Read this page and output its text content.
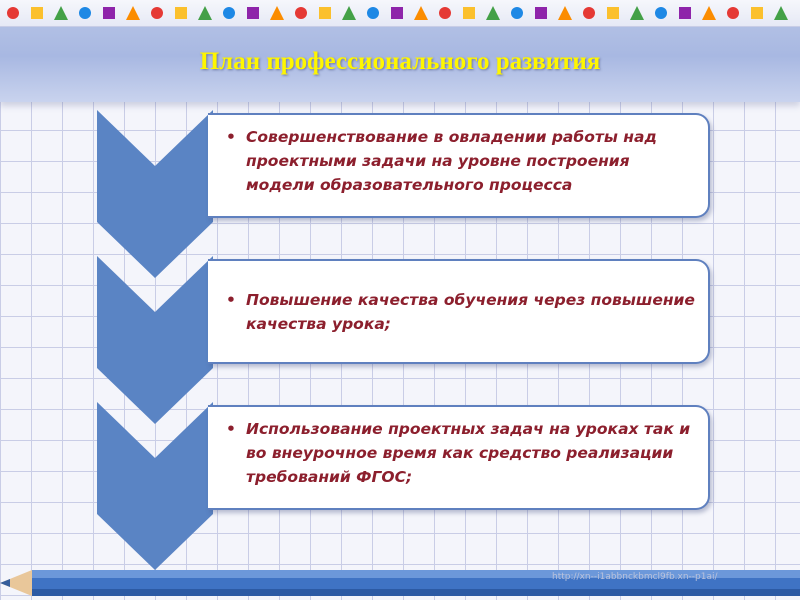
План профессионального развития
• Совершенствование в овладении работы над проектными задачи на уровне построения модели образовательного процесса
• Повышение качества обучения через повышение качества урока;
• Использование проектных задач на уроках так и во внеурочное время как средство реализации требований ФГОС;
http://xn--i1abbnckbmcl9fb.xn--p1ai/
